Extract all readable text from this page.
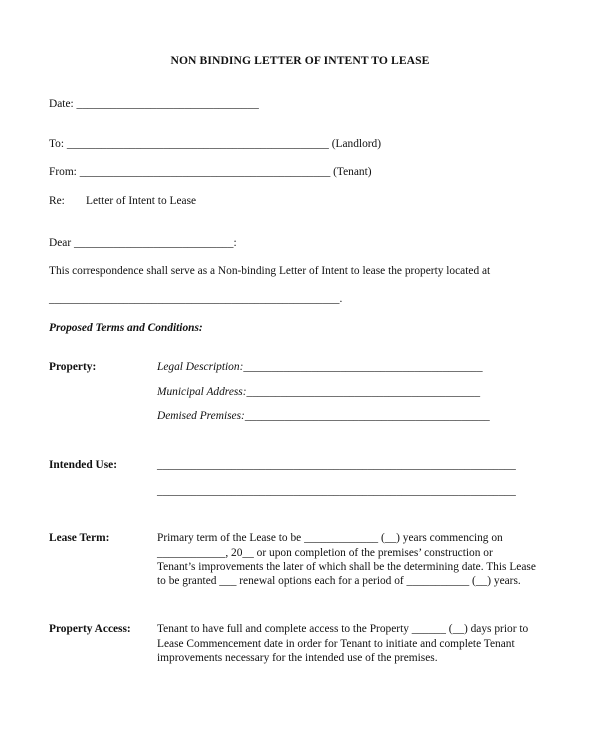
NON BINDING LETTER OF INTENT TO LEASE
Date: ________________________________
To: ______________________________________________ (Landlord)
From: ____________________________________________ (Tenant)
Re: Letter of Intent to Lease
Dear ____________________________:
This correspondence shall serve as a Non-binding Letter of Intent to lease the property located at
___________________________________________________.
Proposed Terms and Conditions:
Property:	Legal Description:__________________________________________
Municipal Address:_________________________________________
Demised Premises:___________________________________________
Intended Use:	_______________________________________________________________
_______________________________________________________________
Lease Term:	Primary term of the Lease to be _____________ (__) years commencing on
____________, 20__ or upon completion of the premises’ construction or
Tenant’s improvements the later of which shall be the determining date. This Lease
to be granted ___ renewal options each for a period of ___________ (__) years.
Property Access: Tenant to have full and complete access to the Property ______ (__) days prior to
Lease Commencement date in order for Tenant to initiate and complete Tenant
improvements necessary for the intended use of the premises.
